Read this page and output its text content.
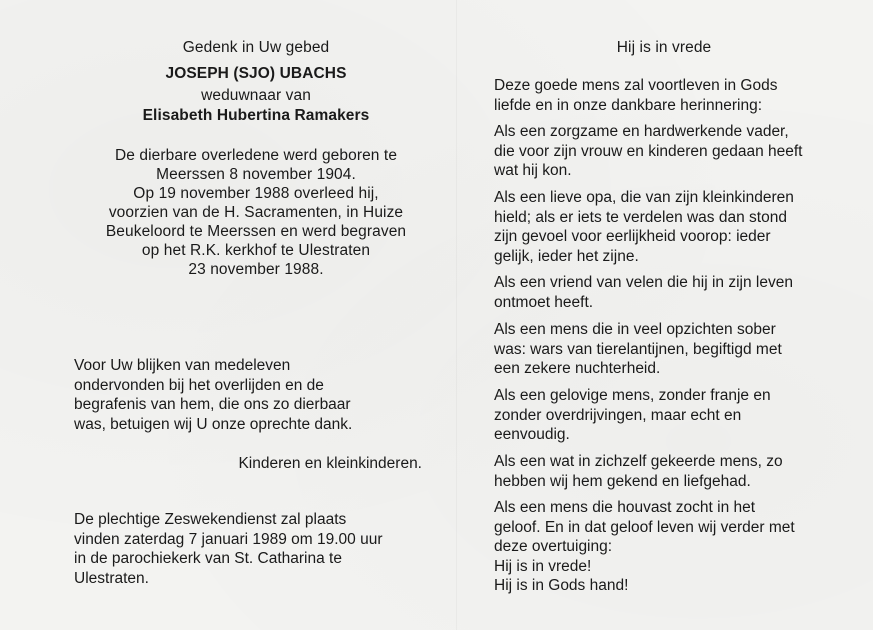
Gedenk in Uw gebed
JOSEPH (SJO) UBACHS
weduwnaar van
Elisabeth Hubertina Ramakers
De dierbare overledene werd geboren te
Meerssen 8 november 1904.
Op 19 november 1988 overleed hij,
voorzien van de H. Sacramenten, in Huize
Beukeloord te Meerssen en werd begraven
op het R.K. kerkhof te Ulestraten
23 november 1988.
Voor Uw blijken van medeleven
ondervonden bij het overlijden en de
begrafenis van hem, die ons zo dierbaar
was, betuigen wij U onze oprechte dank.
Kinderen en kleinkinderen.
De plechtige Zeswekendienst zal plaats
vinden zaterdag 7 januari 1989 om 19.00 uur
in de parochiekerk van St. Catharina te
Ulestraten.
Hij is in vrede
Deze goede mens zal voortleven in Gods
liefde en in onze dankbare herinnering:
Als een zorgzame en hardwerkende vader,
die voor zijn vrouw en kinderen gedaan heeft
wat hij kon.
Als een lieve opa, die van zijn kleinkinderen
hield; als er iets te verdelen was dan stond
zijn gevoel voor eerlijkheid voorop: ieder
gelijk, ieder het zijne.
Als een vriend van velen die hij in zijn leven
ontmoet heeft.
Als een mens die in veel opzichten sober
was: wars van tierelantijnen, begiftigd met
een zekere nuchterheid.
Als een gelovige mens, zonder franje en
zonder overdrijvingen, maar echt en
eenvoudig.
Als een wat in zichzelf gekeerde mens, zo
hebben wij hem gekend en liefgehad.
Als een mens die houvast zocht in het
geloof. En in dat geloof leven wij verder met
deze overtuiging:
Hij is in vrede!
Hij is in Gods hand!
